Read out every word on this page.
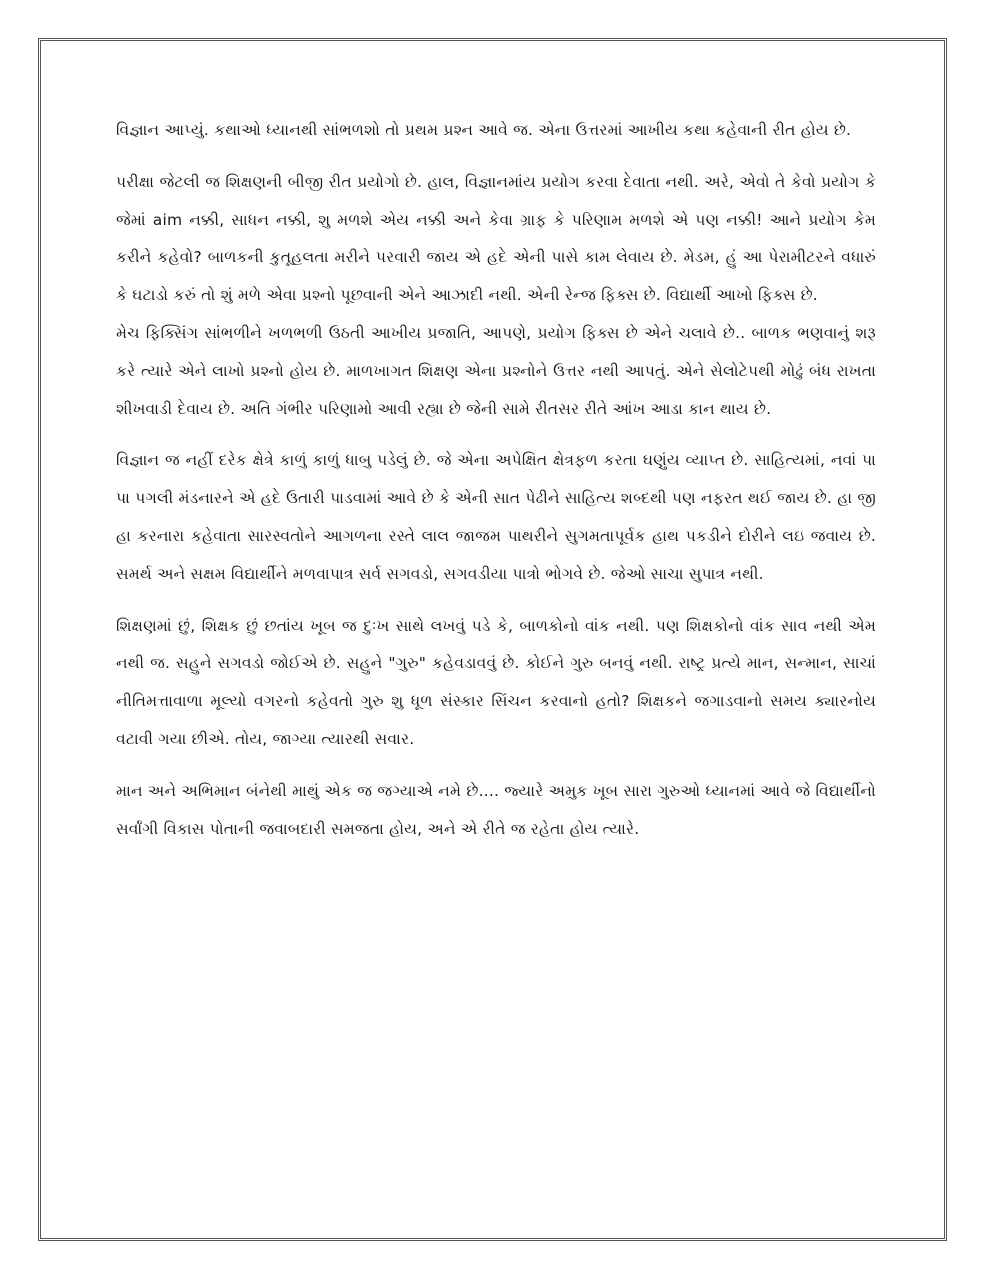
વિજ્ઞાન આપ્યું. કથાઓ ધ્યાનથી સાંભળશો તો પ્રથમ પ્રશ્ન આવે જ. એના ઉત્તરમાં આખીય કથા કહેવાની રીત હોય છે.

પરીક્ષા જેટલી જ શિક્ષણની બીજી રીત પ્રયોગો છે. હાલ, વિજ્ઞાનમાંય પ્રયોગ કરવા દેવાતા નથી. અરે, એવો તે કેવો પ્રયોગ કે જેમાં aim નક્કી, સાધન નક્કી, શુ મળશે એય નક્કી અને કેવા ગ્રાફ કે પરિણામ મળશે એ પણ નક્કી! આને પ્રયોગ કેમ કરીને કહેવો? બાળકની કુતૂહલતા મરીને પરવારી જાય એ હદે એની પાસે કામ લેવાય છે. મેડમ, હું આ પેરામીટરને વધારું કે ઘટાડો કરું તો શું મળે એવા પ્રશ્નો પૂછવાની એને આઝાદી નથી. એની રેન્જ ફિક્સ છે. વિદ્યાર્થી આખો ફિક્સ છે.

મેચ ફિક્સિંગ સાંભળીને ખળભળી ઉઠતી આખીય પ્રજાતિ, આપણે, પ્રયોગ ફિક્સ છે એને ચલાવે છે.. બાળક ભણવાનું શરૂ કરે ત્યારે એને લાખો પ્રશ્નો હોય છે. માળખાગત શિક્ષણ એના પ્રશ્નોને ઉત્તર નથી આપતું. એને સેલોટેપથી મોઢું બંધ રાખતા શીખવાડી દેવાય છે. અતિ ગંભીર પરિણામો આવી રહ્યા છે જેની સામે રીતસર રીતે આંખ આડા કાન થાય છે.

વિજ્ઞાન જ નહીં દરેક ક્ષેત્રે કાળું કાળું ધાબુ પડેલું છે. જે એના અપેક્ષિત ક્ષેત્રફળ કરતા ઘણુંય વ્યાપ્ત છે. સાહિત્યમાં, નવાં પા પા પગલી મંડનારને એ હદે ઉતારી પાડવામાં આવે છે કે એની સાત પેઢીને સાહિત્ય શબ્દથી પણ નફરત થઈ જાય છે. હા જી હા કરનારા કહેવાતા સારસ્વતોને આગળના રસ્તે લાલ જાજમ પાથરીને સુગમતાપૂર્વક હાથ પકડીને દોરીને લઇ જવાય છે. સમર્થ અને સક્ષમ વિદ્યાર્થીને મળવાપાત્ર સર્વ સગવડો, સગવડીયા પાત્રો ભોગવે છે. જેઓ સાચા સુપાત્ર નથી.

શિક્ષણમાં છું, શિક્ષક છું છતાંય ખૂબ જ દુઃખ સાથે લખવું પડે કે, બાળકોનો વાંક નથી. પણ શિક્ષકોનો વાંક સાવ નથી એમ નથી જ. સહુને સગવડો જોઈએ છે. સહુને "ગુરુ" કહેવડાવવું છે. કોઈને ગુરુ બનવું નથી. રાષ્ટ્ર પ્રત્યે માન, સન્માન, સાચાં નીતિમત્તાવાળા મૂલ્યો વગરનો કહેવતો ગુરુ શુ ધૂળ સંસ્કાર સિંચન કરવાનો હતો? શિક્ષકને જગાડવાનો સમય ક્યારનોય વટાવી ગયા છીએ. તોય, જાગ્યા ત્યારથી સવાર.

માન અને અભિમાન બંનેથી માથું એક જ જગ્યાએ નમે છે.... જ્યારે અમુક ખૂબ સારા ગુરુઓ ધ્યાનમાં આવે જે વિદ્યાર્થીનો સર્વાંગી વિકાસ પોતાની જવાબદારી સમજતા હોય, અને એ રીતે જ રહેતા હોય ત્યારે.
